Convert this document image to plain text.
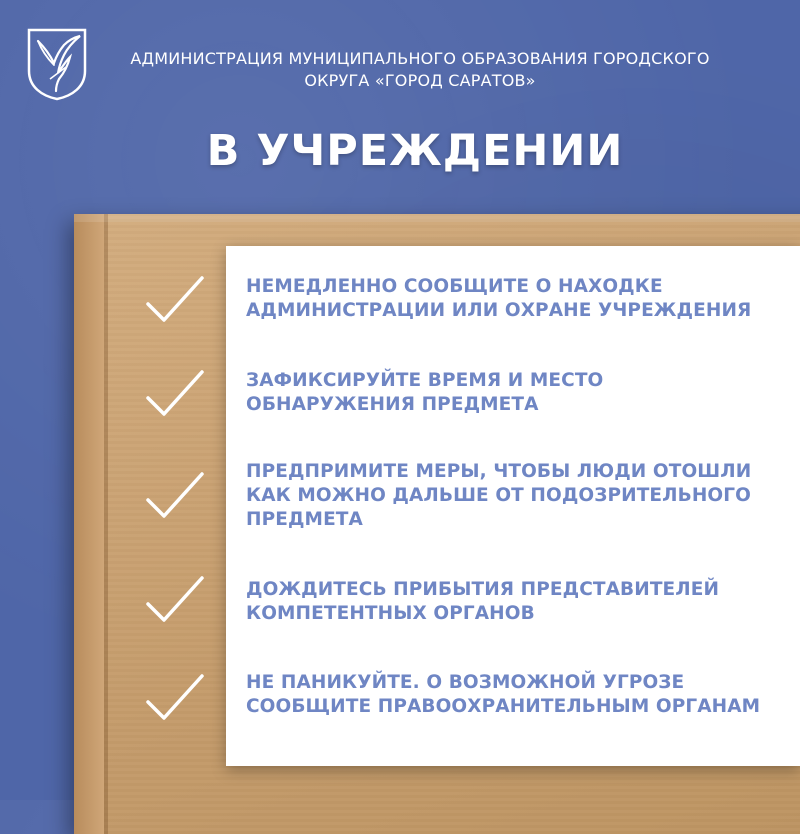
АДМИНИСТРАЦИЯ МУНИЦИПАЛЬНОГО ОБРАЗОВАНИЯ ГОРОДСКОГО
ОКРУГА «ГОРОД САРАТОВ»
В УЧРЕЖДЕНИИ
НЕМЕДЛЕННО СООБЩИТЕ О НАХОДКЕ
АДМИНИСТРАЦИИ ИЛИ ОХРАНЕ УЧРЕЖДЕНИЯ
ЗАФИКСИРУЙТЕ ВРЕМЯ И МЕСТО
ОБНАРУЖЕНИЯ ПРЕДМЕТА
ПРЕДПРИМИТЕ МЕРЫ, ЧТОБЫ ЛЮДИ ОТОШЛИ
КАК МОЖНО ДАЛЬШЕ ОТ ПОДОЗРИТЕЛЬНОГО
ПРЕДМЕТА
ДОЖДИТЕСЬ ПРИБЫТИЯ ПРЕДСТАВИТЕЛЕЙ
КОМПЕТЕНТНЫХ ОРГАНОВ
НЕ ПАНИКУЙТЕ. О ВОЗМОЖНОЙ УГРОЗЕ
СООБЩИТЕ ПРАВООХРАНИТЕЛЬНЫМ ОРГАНАМ
